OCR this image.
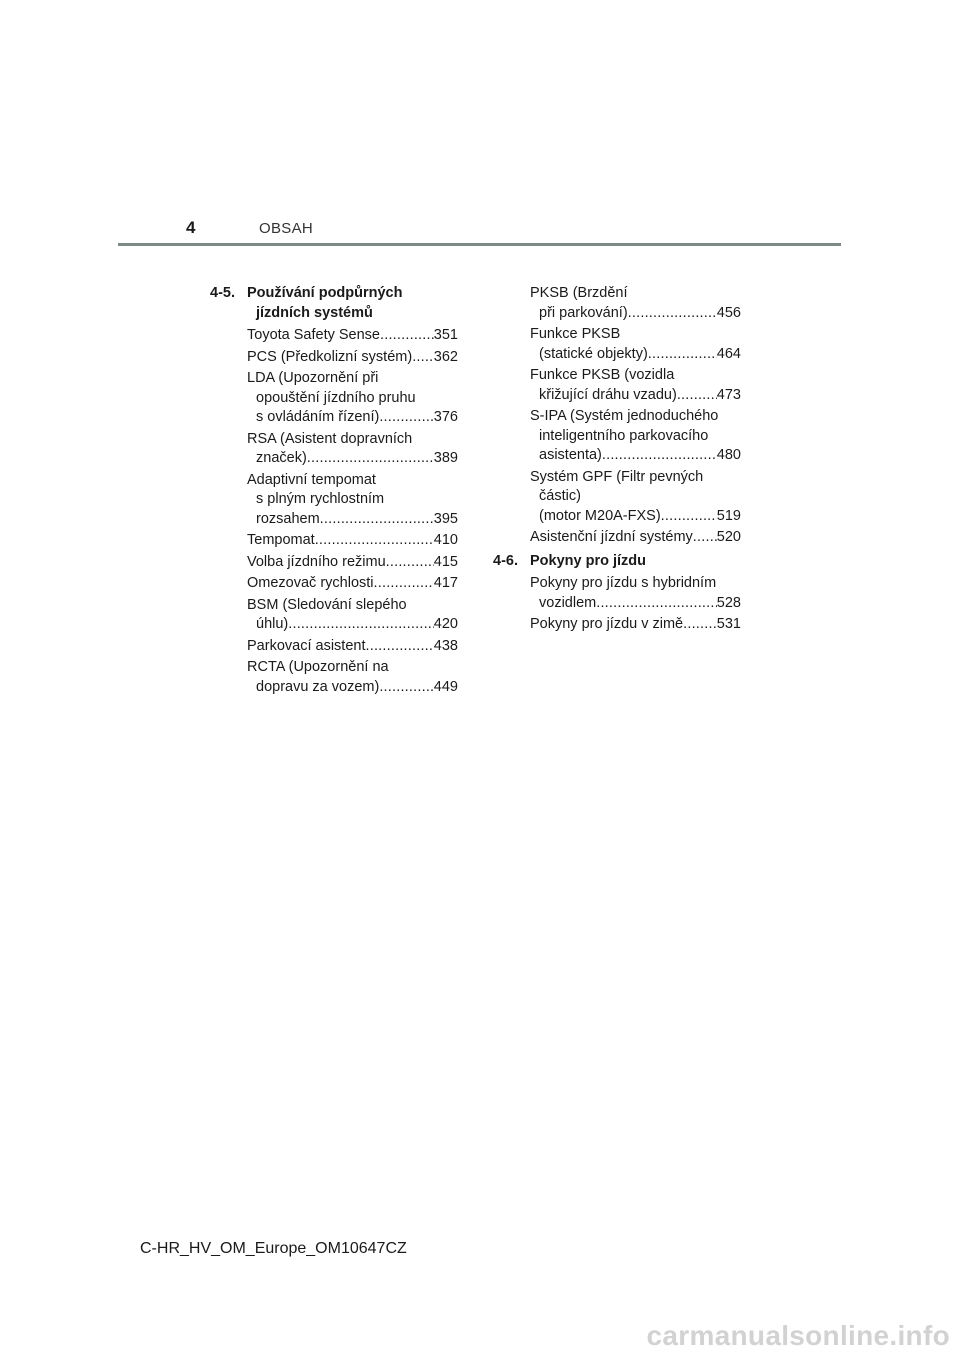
4	OBSAH
4-5. Používání podpůrných
jízdních systémů
Toyota Safety Sense .....	351
PCS (Předkolizní systém) ..... 362
LDA (Upozornění při
opouštění jízdního pruhu
s ovládáním řízení) .....	376
RSA (Asistent dopravních
značek) .....	389
Adaptivní tempomat
s plným rychlostním
rozsahem .....	395
Tempomat .....	410
Volba jízdního režimu .....	415
Omezovač rychlosti .....	417
BSM (Sledování slepého
úhlu) .....	420
Parkovací asistent .....	438
RCTA (Upozornění na
dopravu za vozem) .....	449
PKSB (Brzdění
při parkování) .....	456
Funkce PKSB
(statické objekty) .....	464
Funkce PKSB (vozidla
křižující dráhu vzadu) .....	473
S-IPA (Systém jednoduchého
inteligentního parkovacího
asistenta) .....	480
Systém GPF (Filtr pevných
částic)
(motor M20A-FXS) .....	519
Asistenční jízdní systémy ..... 520
4-6. Pokyny pro jízdu
Pokyny pro jízdu s hybridním
vozidlem .....	528
Pokyny pro jízdu v zimě ..... 531
C-HR_HV_OM_Europe_OM10647CZ
carmanualsonline.info
